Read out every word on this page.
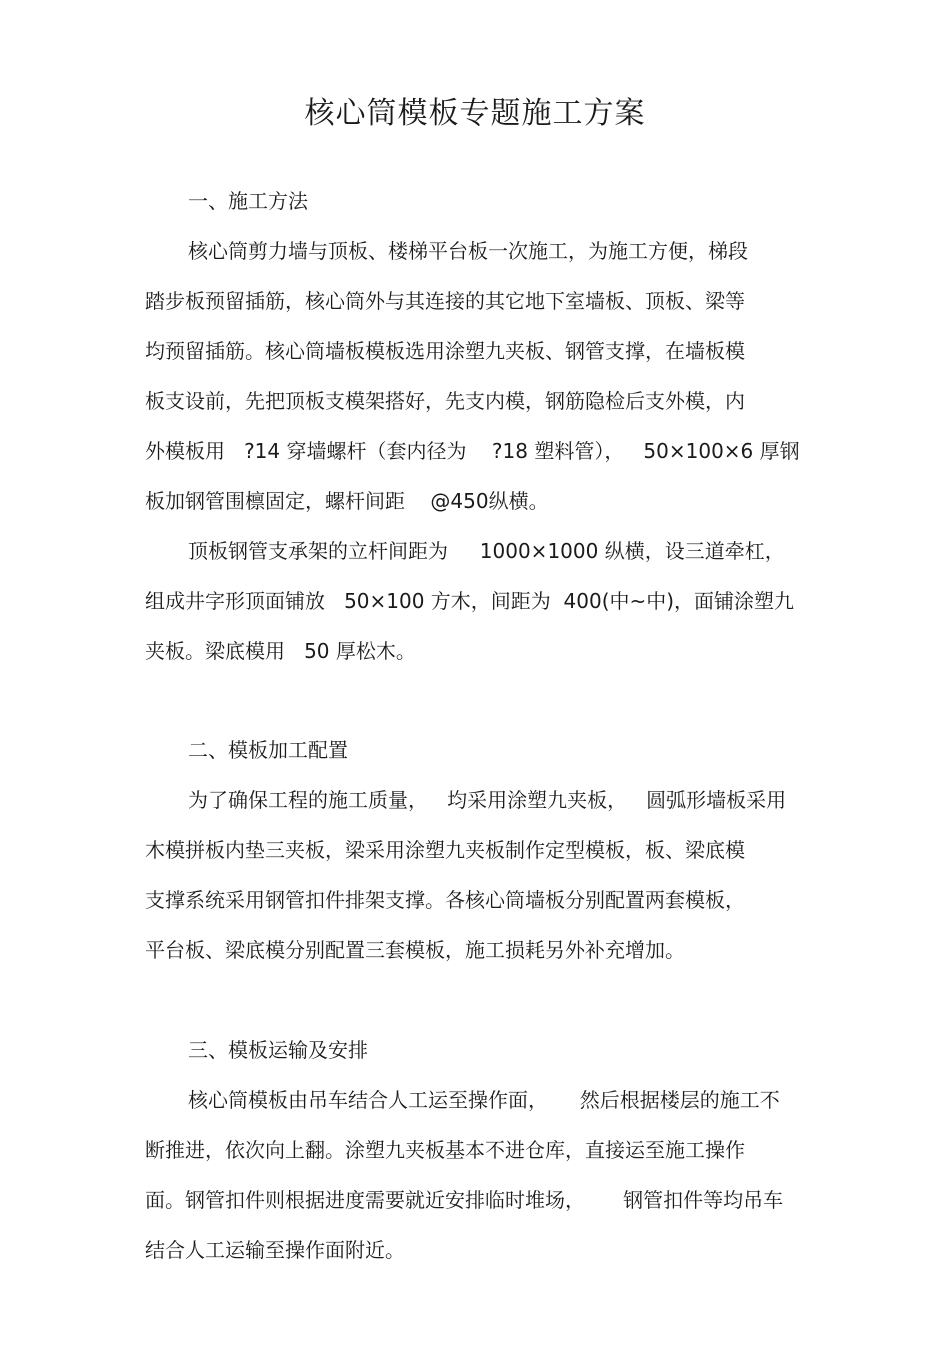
核心筒模板专题施工方案
一、施工方法
核心筒剪力墙与顶板、楼梯平台板一次施工，为施工方便，梯段
踏步板预留插筋，核心筒外与其连接的其它地下室墙板、顶板、梁等
均预留插筋。核心筒墙板模板选用涂塑九夹板、钢管支撑，在墙板模
板支设前，先把顶板支模架搭好，先支内模，钢筋隐检后支外模，内
外模板用   ?14 穿墙螺杆（套内径为    ?18 塑料管），   50×100×6 厚钢
板加钢管围檩固定，螺杆间距    @450纵横。
顶板钢管支承架的立杆间距为     1000×1000 纵横，设三道牵杠，
组成井字形顶面铺放   50×100 方木，间距为  400(中~中)，面铺涂塑九
夹板。梁底模用   50 厚松木。
二、模板加工配置
为了确保工程的施工质量，   均采用涂塑九夹板，   圆弧形墙板采用
木模拼板内垫三夹板，梁采用涂塑九夹板制作定型模板，板、梁底模
支撑系统采用钢管扣件排架支撑。各核心筒墙板分别配置两套模板，
平台板、梁底模分别配置三套模板，施工损耗另外补充增加。
三、模板运输及安排
核心筒模板由吊车结合人工运至操作面，     然后根据楼层的施工不
断推进，依次向上翻。涂塑九夹板基本不进仓库，直接运至施工操作
面。钢管扣件则根据进度需要就近安排临时堆场，      钢管扣件等均吊车
结合人工运输至操作面附近。
